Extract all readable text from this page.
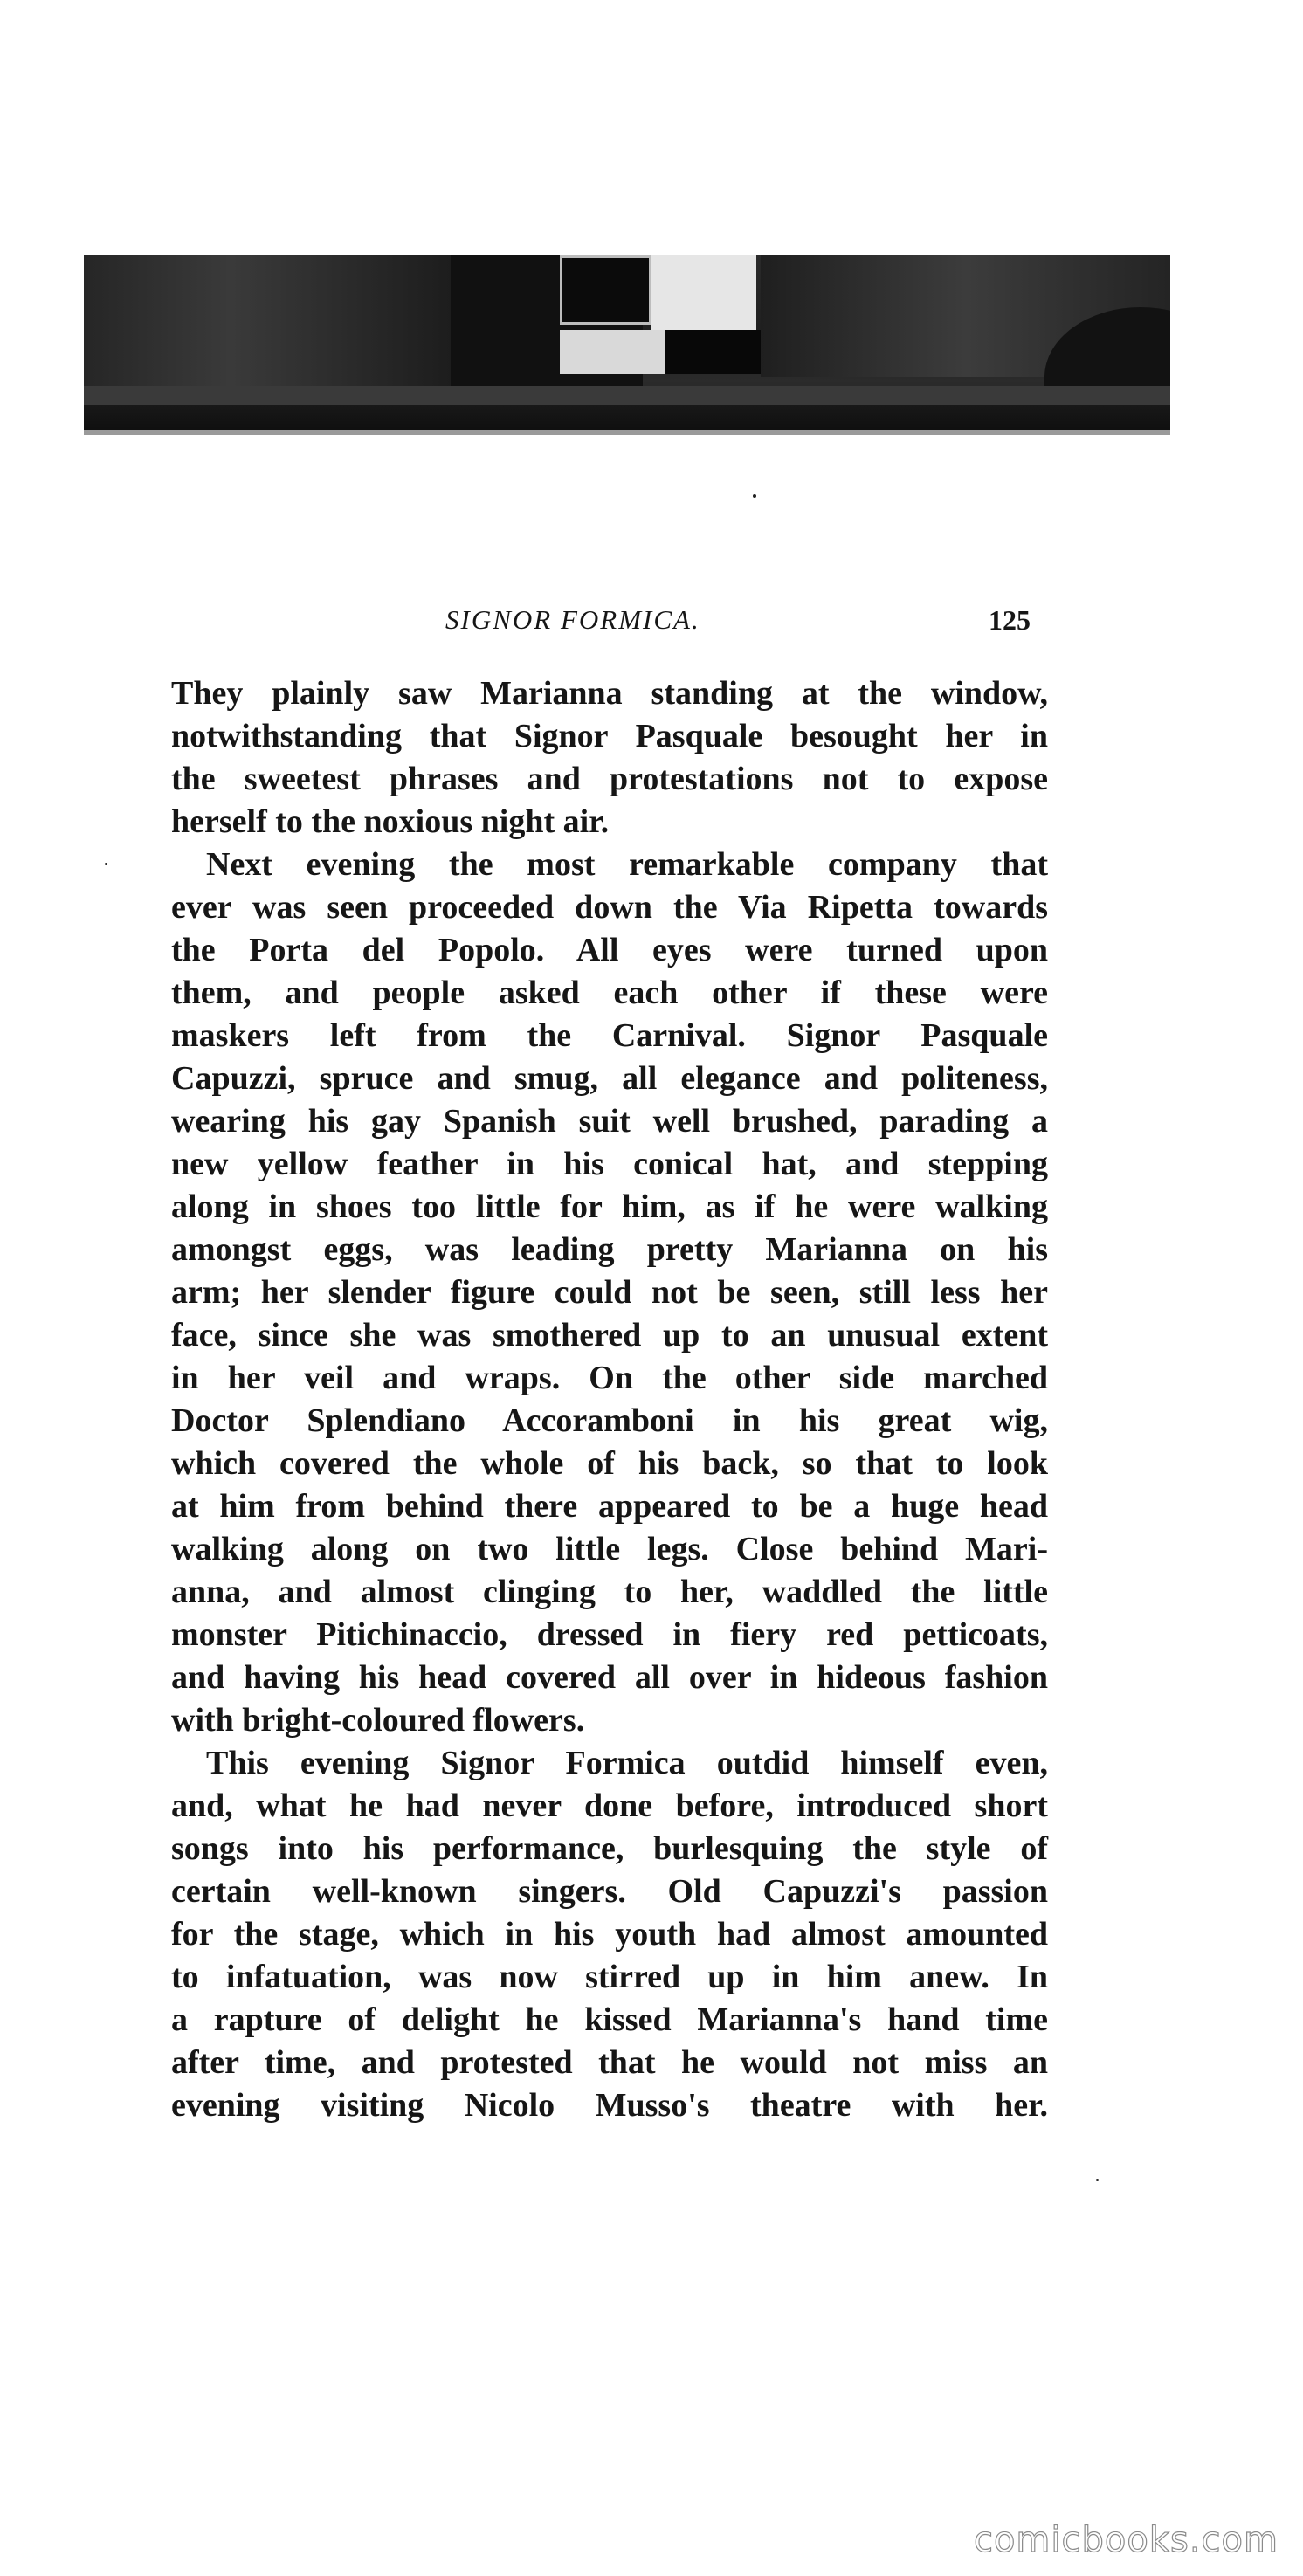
SIGNOR FORMICA.	125
They plainly saw Marianna standing at the window,
notwithstanding that Signor Pasquale besought her in
the sweetest phrases and protestations not to expose
herself to the noxious night air.
Next evening the most remarkable company that
ever was seen proceeded down the Via Ripetta towards
the Porta del Popolo. All eyes were turned upon
them, and people asked each other if these were
maskers left from the Carnival. Signor Pasquale
Capuzzi, spruce and smug, all elegance and politeness,
wearing his gay Spanish suit well brushed, parading a
new yellow feather in his conical hat, and stepping
along in shoes too little for him, as if he were walking
amongst eggs, was leading pretty Marianna on his
arm; her slender figure could not be seen, still less her
face, since she was smothered up to an unusual extent
in her veil and wraps. On the other side marched
Doctor Splendiano Accoramboni in his great wig,
which covered the whole of his back, so that to look
at him from behind there appeared to be a huge head
walking along on two little legs. Close behind Mari-
anna, and almost clinging to her, waddled the little
monster Pitichinaccio, dressed in fiery red petticoats,
and having his head covered all over in hideous fashion
with bright-coloured flowers.
This evening Signor Formica outdid himself even,
and, what he had never done before, introduced short
songs into his performance, burlesquing the style of
certain well-known singers. Old Capuzzi's passion
for the stage, which in his youth had almost amounted
to infatuation, was now stirred up in him anew. In
a rapture of delight he kissed Marianna's hand time
after time, and protested that he would not miss an
evening visiting Nicolo Musso's theatre with her.
comicbooks.com
